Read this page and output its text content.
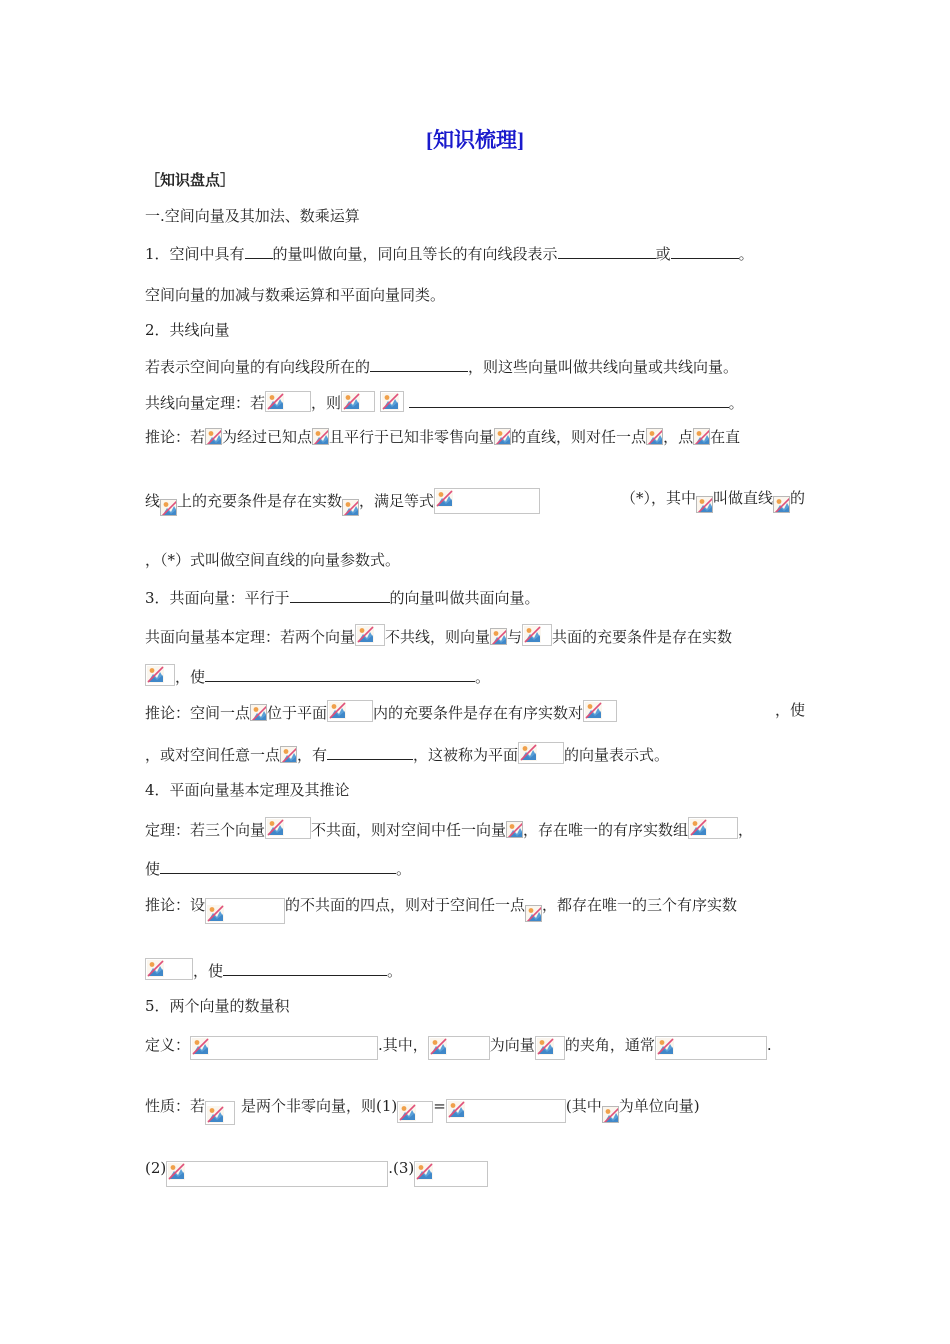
[知识梳理]
［知识盘点］
一.空间向量及其加法、数乘运算
1．空间中具有 的量叫做向量，同向且等长的有向线段表示	或	。
空间向量的加减与数乘运算和平面向量同类。
2．共线向量
若表示空间向量的有向线段所在的	，则这些向量叫做共线向量或共线向量。
共线向量定理：若	，则
	。
推论：若 为经过已知点 且平行于已知非零售向量 的直线，则对任一点 ，点 在直
线 上的充要条件是存在实数 ，满足等式	（*），其中 叫做直线 的
，（*）式叫做空间直线的向量参数式。
3．共面向量：平行于	的向量叫做共面向量。
共面向量基本定理：若两个向量 不共线，则向量 与 共面的充要条件是存在实数
，使	。
推论：空间一点 位于平面	内的充要条件是存在有序实数对	，使
，或对空间任意一点 ，有	，这被称为平面	的向量表示式。
4．平面向量基本定理及其推论
定理：若三个向量	不共面，则对空间中任一向量 ，存在唯一的有序实数组	，
使	。
推论：设	的不共面的四点，则对于空间任一点 ，都存在唯一的三个有序实数
，使	。
5．两个向量的数量积
定义：	.其中，	为向量 的夹角，通常	.
性质：若 是两个非零向量，则(1) =	(其中 为单位向量)
(2)	.(3)
